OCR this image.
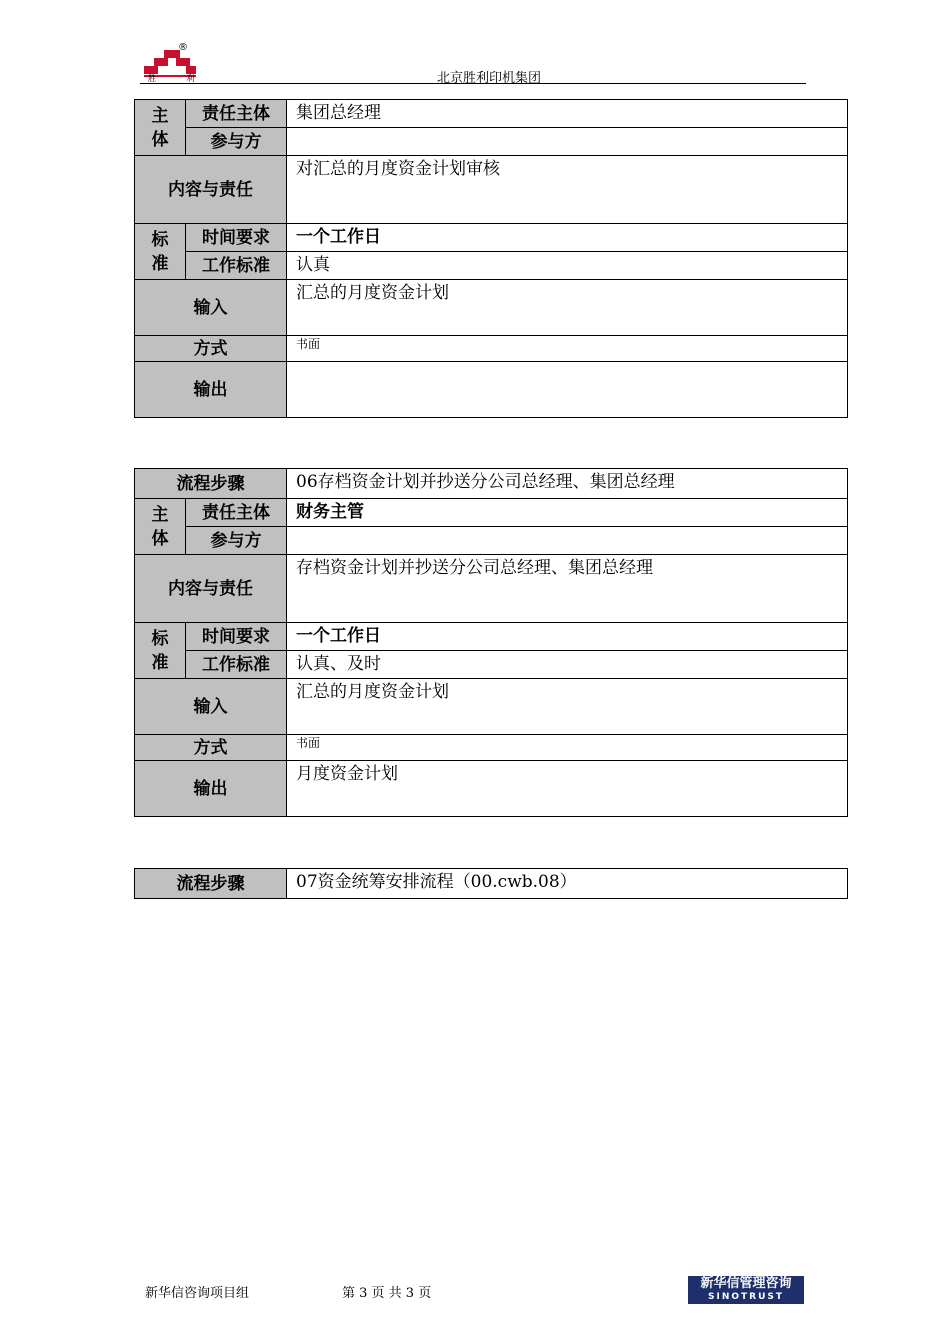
胜 利
®
北京胜利印机集团
主体	责任主体	集团总经理
	参与方	
内容与责任		对汇总的月度资金计划审核
标准	时间要求	一个工作日
	工作标准	认真
输入		汇总的月度资金计划
方式		书面
输出		
流程步骤		06存档资金计划并抄送分公司总经理、集团总经理
主体	责任主体	财务主管
	参与方	
内容与责任		存档资金计划并抄送分公司总经理、集团总经理
标准	时间要求	一个工作日
	工作标准	认真、及时
输入		汇总的月度资金计划
方式		书面
输出		月度资金计划
流程步骤	07资金统筹安排流程（00.cwb.08）
新华信咨询项目组	第 3 页 共 3 页
新华信管理咨询
SINOTRUST
